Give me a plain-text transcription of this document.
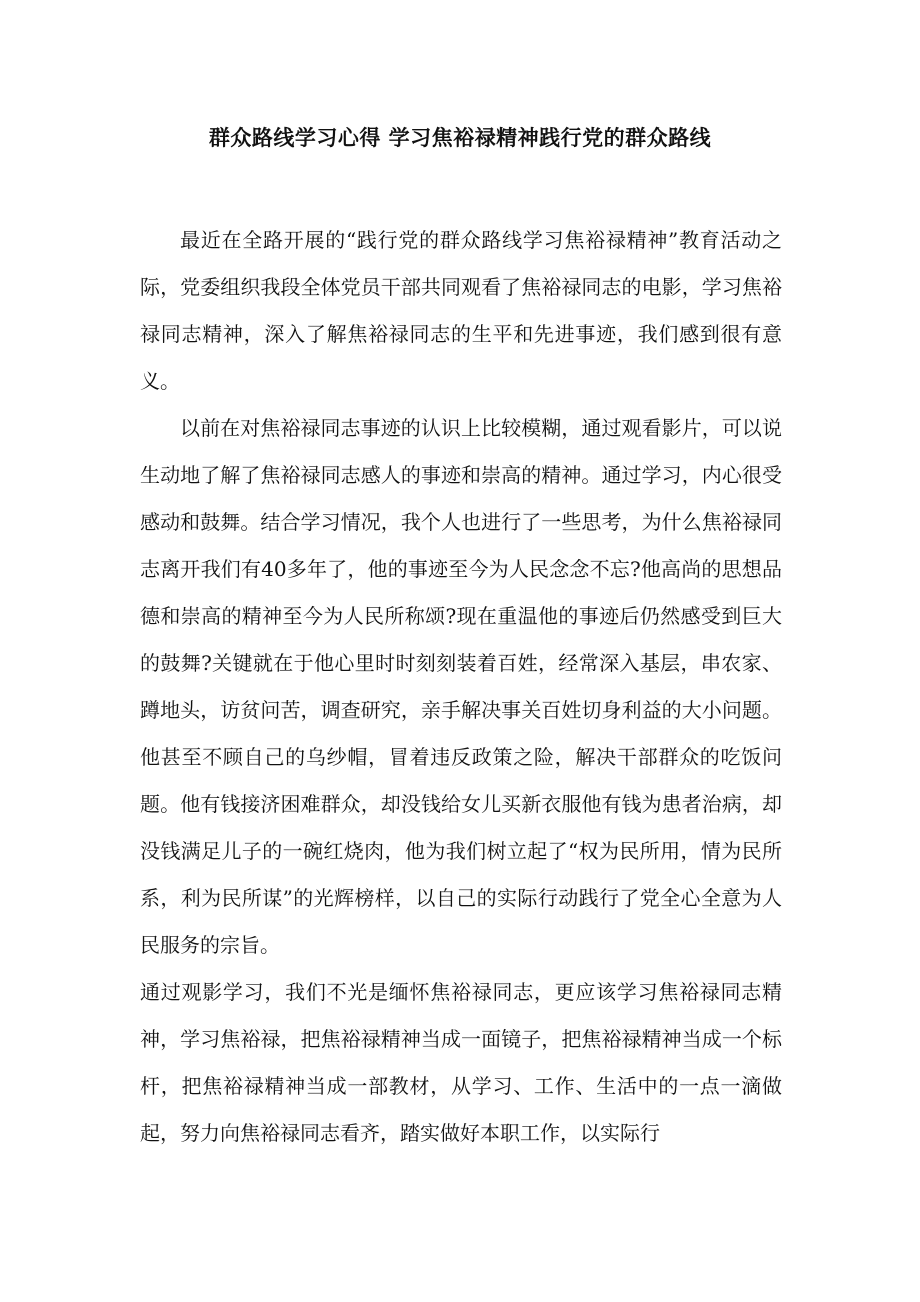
群众路线学习心得 学习焦裕禄精神践行党的群众路线

最近在全路开展的“践行党的群众路线学习焦裕禄精神”教育活动之际，党委组织我段全体党员干部共同观看了焦裕禄同志的电影，学习焦裕禄同志精神，深入了解焦裕禄同志的生平和先进事迹，我们感到很有意义。

以前在对焦裕禄同志事迹的认识上比较模糊，通过观看影片，可以说生动地了解了焦裕禄同志感人的事迹和崇高的精神。通过学习，内心很受感动和鼓舞。结合学习情况，我个人也进行了一些思考，为什么焦裕禄同志离开我们有40多年了，他的事迹至今为人民念念不忘?他高尚的思想品德和崇高的精神至今为人民所称颂?现在重温他的事迹后仍然感受到巨大的鼓舞?关键就在于他心里时时刻刻装着百姓，经常深入基层，串农家、蹲地头，访贫问苦，调查研究，亲手解决事关百姓切身利益的大小问题。他甚至不顾自己的乌纱帽，冒着违反政策之险，解决干部群众的吃饭问题。他有钱接济困难群众，却没钱给女儿买新衣服他有钱为患者治病，却没钱满足儿子的一碗红烧肉，他为我们树立起了“权为民所用，情为民所系，利为民所谋”的光辉榜样，以自己的实际行动践行了党全心全意为人民服务的宗旨。

通过观影学习，我们不光是缅怀焦裕禄同志，更应该学习焦裕禄同志精神，学习焦裕禄，把焦裕禄精神当成一面镜子，把焦裕禄精神当成一个标杆，把焦裕禄精神当成一部教材，从学习、工作、生活中的一点一滴做起，努力向焦裕禄同志看齐，踏实做好本职工作，以实际行
